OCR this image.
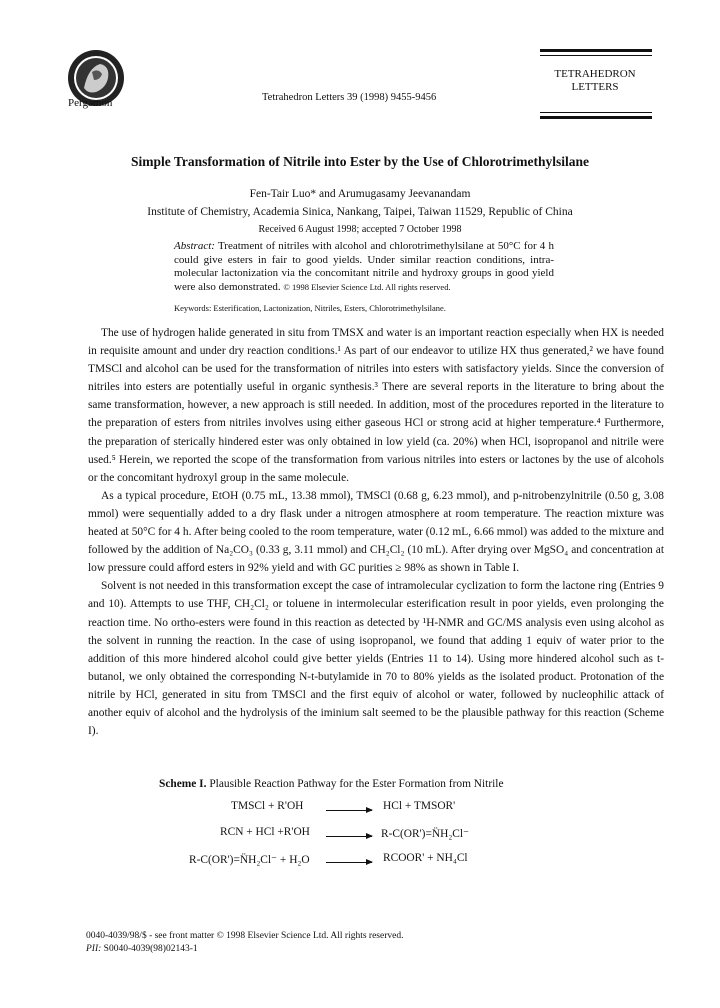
Pergamon	Tetrahedron Letters 39 (1998) 9455-9456
TETRAHEDRON
LETTERS
Simple Transformation of Nitrile into Ester by the Use of Chlorotrimethylsilane
Fen-Tair Luo* and Arumugasamy Jeevanandam
Institute of Chemistry, Academia Sinica, Nankang, Taipei, Taiwan 11529, Republic of China
Received 6 August 1998; accepted 7 October 1998
Abstract: Treatment of nitriles with alcohol and chlorotrimethylsilane at 50°C for 4 h could give esters in fair to good yields. Under similar reaction conditions, intra-molecular lactonization via the concomitant nitrile and hydroxy groups in good yield were also demonstrated. © 1998 Elsevier Science Ltd. All rights reserved.
Keywords: Esterification, Lactonization, Nitriles, Esters, Chlorotrimethylsilane.

The use of hydrogen halide generated in situ from TMSX and water is an important reaction especially when HX is needed in requisite amount and under dry reaction conditions.¹ As part of our endeavor to utilize HX thus generated,² we have found TMSCl and alcohol can be used for the transformation of nitriles into esters with satisfactory yields. Since the conversion of nitriles into esters are potentially useful in organic synthesis.³ There are several reports in the literature to bring about the same transformation, however, a new approach is still needed. In addition, most of the procedures reported in the literature to the preparation of esters from nitriles involves using either gaseous HCl or strong acid at higher temperature.⁴ Furthermore, the preparation of sterically hindered ester was only obtained in low yield (ca. 20%) when HCl, isopropanol and nitrile were used.⁵ Herein, we reported the scope of the transformation from various nitriles into esters or lactones by the use of alcohols or the concomitant hydroxyl group in the same molecule.

As a typical procedure, EtOH (0.75 mL, 13.38 mmol), TMSCl (0.68 g, 6.23 mmol), and p-nitrobenzylnitrile (0.50 g, 3.08 mmol) were sequentially added to a dry flask under a nitrogen atmosphere at room temperature. The reaction mixture was heated at 50°C for 4 h. After being cooled to the room temperature, water (0.12 mL, 6.66 mmol) was added to the mixture and followed by the addition of Na₂CO₃ (0.33 g, 3.11 mmol) and CH₂Cl₂ (10 mL). After drying over MgSO₄ and concentration at low pressure could afford esters in 92% yield and with GC purities ≥ 98% as shown in Table I.

Solvent is not needed in this transformation except the case of intramolecular cyclization to form the lactone ring (Entries 9 and 10). Attempts to use THF, CH₂Cl₂ or toluene in intermolecular esterification result in poor yields, even prolonging the reaction time. No ortho-esters were found in this reaction as detected by ¹H-NMR and GC/MS analysis even using alcohol as the solvent in running the reaction. In the case of using isopropanol, we found that adding 1 equiv of water prior to the addition of this more hindered alcohol could give better yields (Entries 11 to 14). Using more hindered alcohol such as t-butanol, we only obtained the corresponding N-t-butylamide in 70 to 80% yields as the isolated product. Protonation of the nitrile by HCl, generated in situ from TMSCl and the first equiv of alcohol or water, followed by nucleophilic attack of another equiv of alcohol and the hydrolysis of the iminium salt seemed to be the plausible pathway for this reaction (Scheme I).

Scheme I. Plausible Reaction Pathway for the Ester Formation from Nitrile
TMSCl + R'OH → HCl + TMSOR'
RCN + HCl +R'OH → R-C(OR')=N̈H₂Cl⁻
R-C(OR')=N̈H₂Cl⁻ + H₂O → RCOOR' + NH₄Cl
0040-4039/98/$ - see front matter © 1998 Elsevier Science Ltd. All rights reserved.
PII: S0040-4039(98)02143-1
